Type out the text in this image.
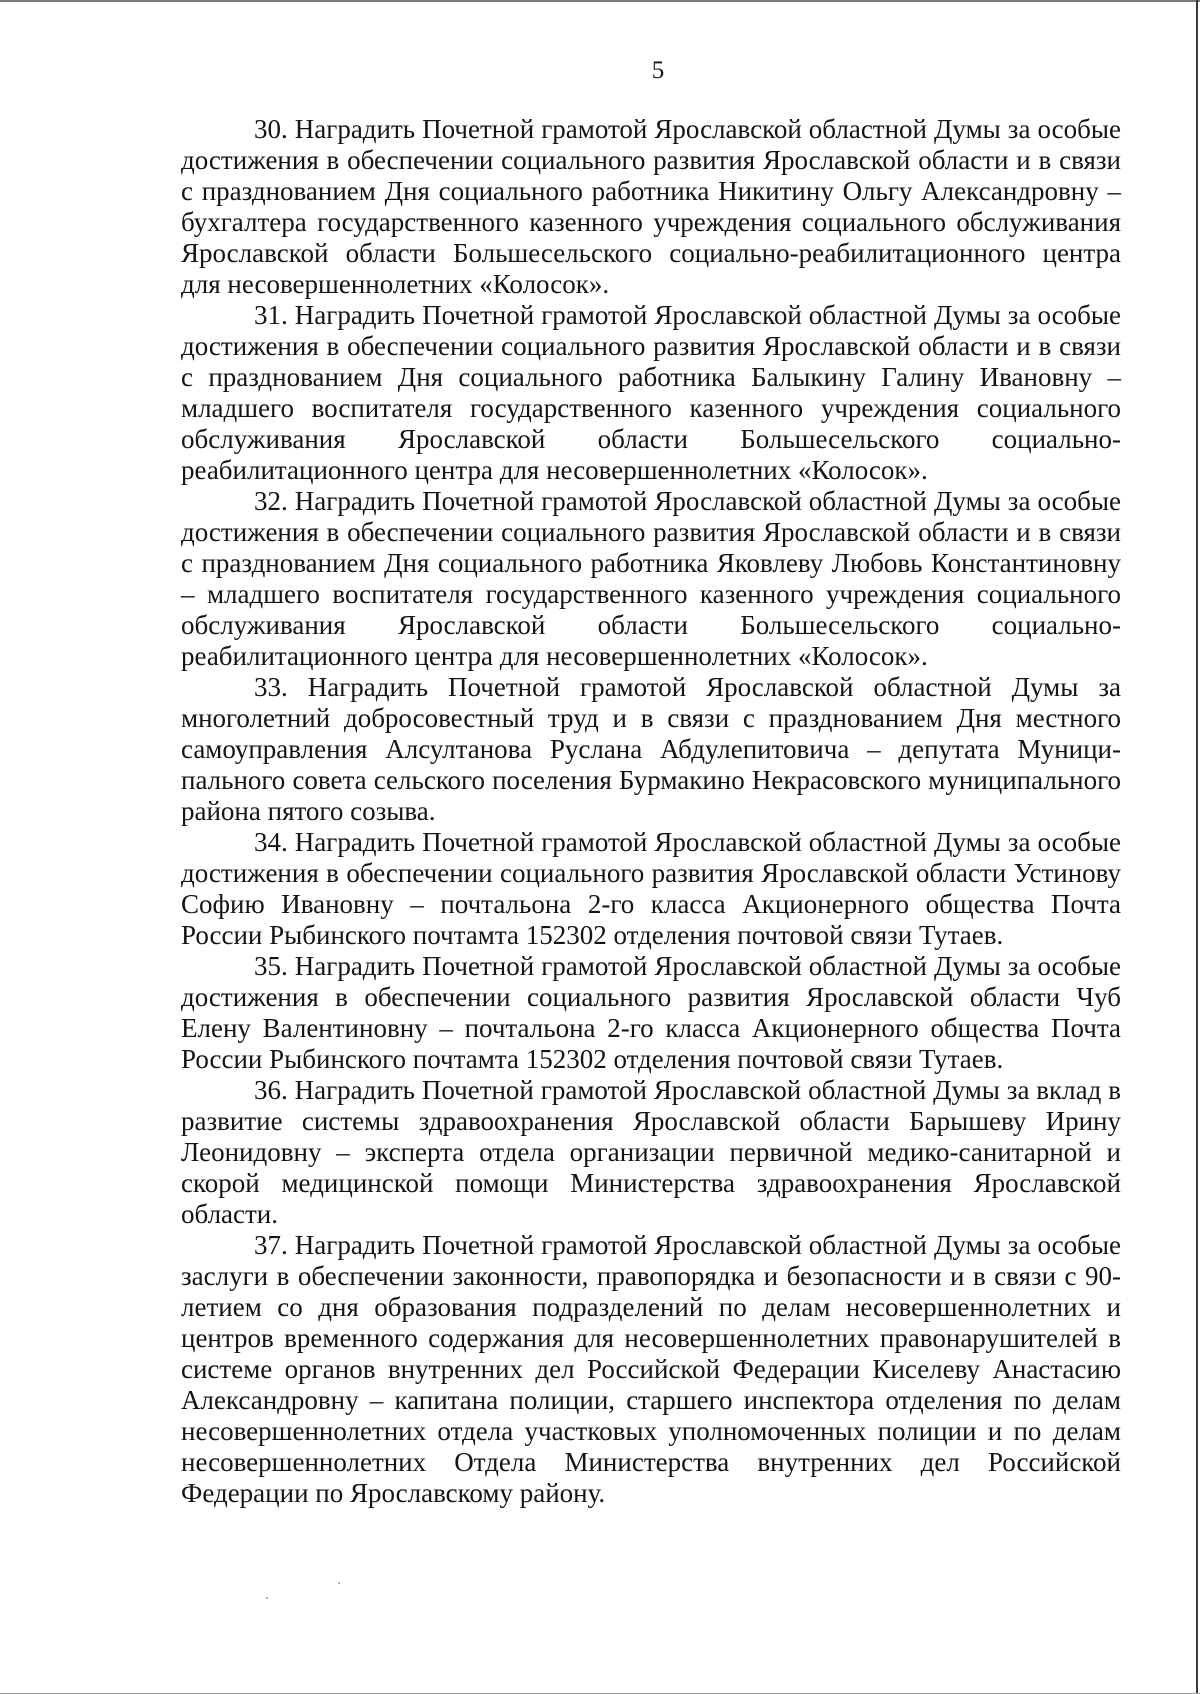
5

30. Наградить Почетной грамотой Ярославской областной Думы за особые достижения в обеспечении социального развития Ярославской области и в связи с празднованием Дня социального работника Никитину Ольгу Александровну – бухгалтера государственного казенного учреждения социального обслуживания Ярославской области Большесельского социально-реабилитационного центра для несовершеннолетних «Колосок».

31. Наградить Почетной грамотой Ярославской областной Думы за особые достижения в обеспечении социального развития Ярославской области и в связи с празднованием Дня социального работника Балыкину Галину Ивановну – младшего воспитателя государственного казенного учреждения социального обслуживания Ярославской области Большесельского социально-реабилитационного центра для несовершеннолетних «Колосок».

32. Наградить Почетной грамотой Ярославской областной Думы за особые достижения в обеспечении социального развития Ярославской области и в связи с празднованием Дня социального работника Яковлеву Любовь Константиновну – младшего воспитателя государственного казенного учреждения социального обслуживания Ярославской области Большесельского социально-реабилитационного центра для несовершеннолетних «Колосок».

33. Наградить Почетной грамотой Ярославской областной Думы за многолетний добросовестный труд и в связи с празднованием Дня местного самоуправления Алсултанова Руслана Абдулепитовича – депутата Муниципального совета сельского поселения Бурмакино Некрасовского муниципального района пятого созыва.

34. Наградить Почетной грамотой Ярославской областной Думы за особые достижения в обеспечении социального развития Ярославской области Устинову Софию Ивановну – почтальона 2-го класса Акционерного общества Почта России Рыбинского почтамта 152302 отделения почтовой связи Тутаев.

35. Наградить Почетной грамотой Ярославской областной Думы за особые достижения в обеспечении социального развития Ярославской области Чуб Елену Валентиновну – почтальона 2-го класса Акционерного общества Почта России Рыбинского почтамта 152302 отделения почтовой связи Тутаев.

36. Наградить Почетной грамотой Ярославской областной Думы за вклад в развитие системы здравоохранения Ярославской области Барышеву Ирину Леонидовну – эксперта отдела организации первичной медико-санитарной и скорой медицинской помощи Министерства здравоохранения Ярославской области.

37. Наградить Почетной грамотой Ярославской областной Думы за особые заслуги в обеспечении законности, правопорядка и безопасности и в связи с 90-летием со дня образования подразделений по делам несовершеннолетних и центров временного содержания для несовершеннолетних правонарушителей в системе органов внутренних дел Российской Федерации Киселеву Анастасию Александровну – капитана полиции, старшего инспектора отделения по делам несовершеннолетних отдела участковых уполномоченных полиции и по делам несовершеннолетних Отдела Министерства внутренних дел Российской Федерации по Ярославскому району.
